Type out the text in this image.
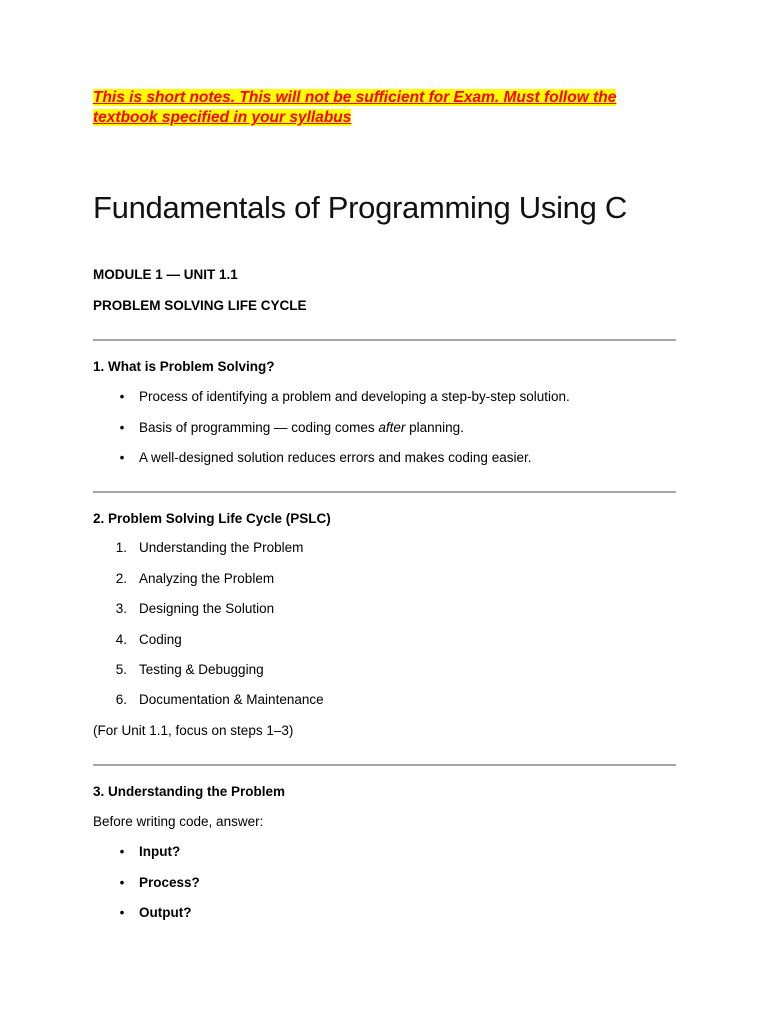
This is short notes. This will not be sufficient for Exam. Must follow the textbook specified in your syllabus
Fundamentals of Programming Using C
MODULE 1 — UNIT 1.1
PROBLEM SOLVING LIFE CYCLE
1. What is Problem Solving?
•	Process of identifying a problem and developing a step-by-step solution.
•	Basis of programming — coding comes after planning.
•	A well-designed solution reduces errors and makes coding easier.
2. Problem Solving Life Cycle (PSLC)
1. Understanding the Problem
2. Analyzing the Problem
3. Designing the Solution
4. Coding
5. Testing & Debugging
6. Documentation & Maintenance
(For Unit 1.1, focus on steps 1–3)
3. Understanding the Problem
Before writing code, answer:
•	Input?
•	Process?
•	Output?
